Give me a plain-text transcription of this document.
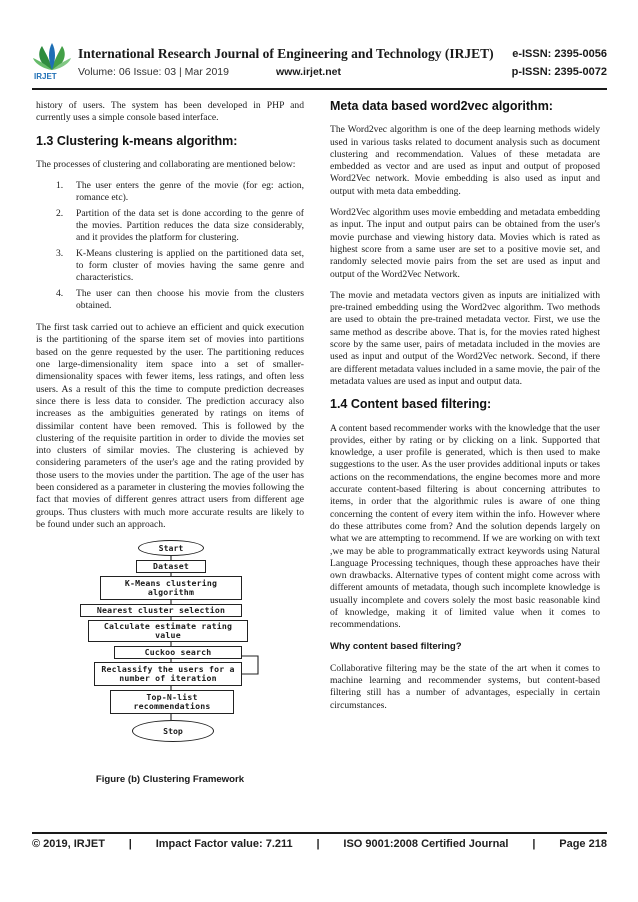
IRJET
International Research Journal of Engineering and Technology (IRJET) e-ISSN: 2395-0056
Volume: 06 Issue: 03 | Mar 2019	www.irjet.net	p-ISSN: 2395-0072

history of users. The system has been developed in PHP and currently uses a simple console based interface.

1.3 Clustering k-means algorithm:

The processes of clustering and collaborating are mentioned below:

1.	The user enters the genre of the movie (for eg: action, romance etc).
2.	Partition of the data set is done according to the genre of the movies. Partition reduces the data size considerably, and it provides the platform for clustering.
3.	K-Means clustering is applied on the partitioned data set, to form cluster of movies having the same genre and characteristics.
4.	The user can then choose his movie from the clusters obtained.

The first task carried out to achieve an efficient and quick execution is the partitioning of the sparse item set of movies into partitions based on the genre requested by the user. The partitioning reduces one large-dimensionality item space into a set of smaller-dimensionality spaces with fewer items, less ratings, and often less users. As a result of this the time to compute prediction decreases since there is less data to consider. The prediction accuracy also increases as the ambiguities generated by ratings on items of dissimilar content have been removed. This is followed by the clustering of the requisite partition in order to divide the movies set into clusters of similar movies. The clustering is achieved by considering parameters of the user's age and the rating provided by those users to the movies under the partition. The age of the user has been considered as a parameter in clustering the movies following the fact that movies of different genres attract users from different age groups. Thus clusters with much more accurate results are likely to be found under such an approach.

Start
Dataset
K-Means clustering algorithm
Nearest cluster selection
Calculate estimate rating value
Cuckoo search
Reclassify the users for a number of iteration
Top-N-list recommendations
Stop
Figure (b) Clustering Framework
Meta data based word2vec algorithm:

The Word2vec algorithm is one of the deep learning methods widely used in various tasks related to document analysis such as document clustering and recommendation. Values of these metadata are embedded as vector and are used as input and output of proposed Word2Vec network. Movie embedding is also used as input and output with meta data embedding.

Word2Vec algorithm uses movie embedding and metadata embedding as input. The input and output pairs can be obtained from the user's movie purchase and viewing history data. Movies which is rated as highest score from a same user are set to a positive movie set, and randomly selected movie pairs from the set are used as input and output of the Word2Vec Network.

The movie and metadata vectors given as inputs are initialized with pre-trained embedding using the Word2vec algorithm. Two methods are used to obtain the pre-trained metadata vector. First, we use the same method as describe above. That is, for the movies rated highest score by the same user, pairs of metadata included in the movies are used as input and output of the Word2Vec network. Second, if there are different metadata values included in a same movie, the pair of the metadata values are used as input and output data.

1.4 Content based filtering:

A content based recommender works with the knowledge that the user provides, either by rating or by clicking on a link. Supported that knowledge, a user profile is generated, which is then used to make suggestions to the user. As the user provides additional inputs or takes actions on the recommendations, the engine becomes more and more accurate content-based filtering is about concerning attributes to items, in order that the algorithmic rules is aware of one thing concerning the content of every item within the info. However where do these attributes come from? And the solution depends largely on what we are attempting to recommend. If we are working on with text ,we may be able to programmatically extract keywords using Natural Language Processing techniques, though these approaches have their own drawbacks. Alternative types of content might come across with different amounts of metadata, though such incomplete knowledge is usually incomplete and covers solely the most basic reasonable kind of knowledge, making it of limited value when it comes to recommendations.

Why content based filtering?

Collaborative filtering may be the state of the art when it comes to machine learning and recommender systems, but content-based filtering still has a number of advantages, especially in certain circumstances.

© 2019, IRJET | Impact Factor value: 7.211 | ISO 9001:2008 Certified Journal | Page 218
